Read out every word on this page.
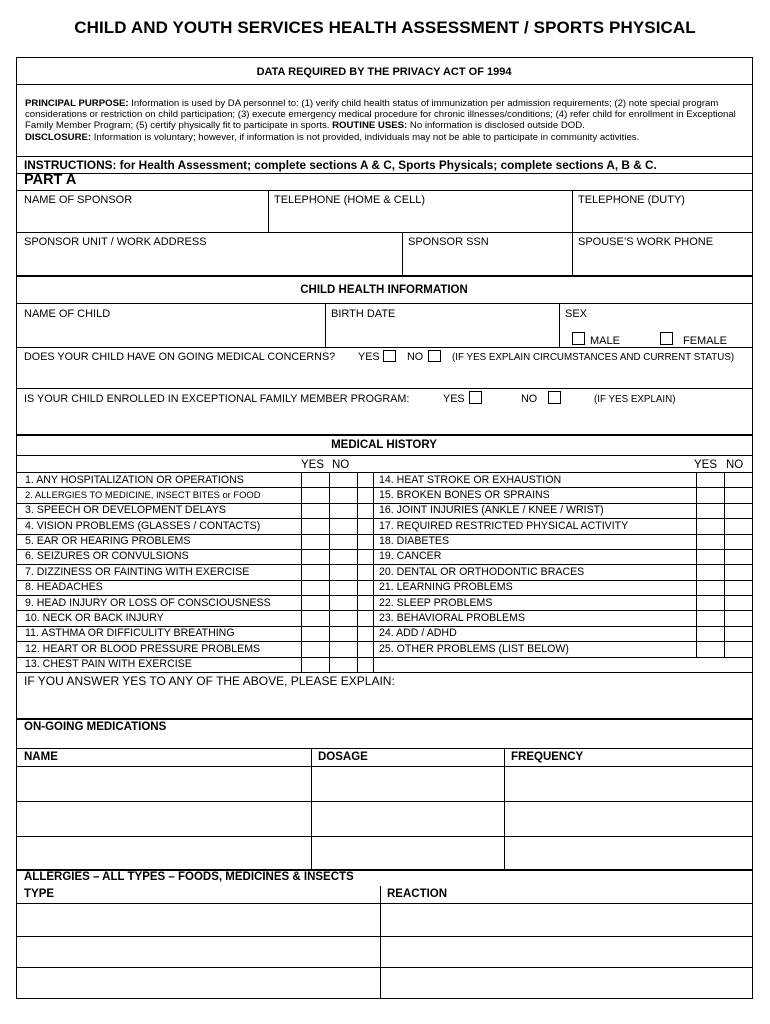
CHILD AND YOUTH SERVICES HEALTH ASSESSMENT / SPORTS PHYSICAL
DATA REQUIRED BY THE PRIVACY ACT OF 1994
PRINCIPAL PURPOSE: Information is used by DA personnel to: (1) verify child health status of immunization per admission requirements; (2) note special program considerations or restriction on child participation; (3) execute emergency medical procedure for chronic illnesses/conditions; (4) refer child for enrollment in Exceptional Family Member Program; (5) certify physically fit to participate in sports. ROUTINE USES: No information is disclosed outside DOD.
DISCLOSURE: Information is voluntary; however, if information is not provided, individuals may not be able to participate in community activities.
INSTRUCTIONS: for Health Assessment; complete sections A & C, Sports Physicals; complete sections A, B & C.
PART A
NAME OF SPONSOR	TELEPHONE (HOME & CELL)	TELEPHONE (DUTY)
SPONSOR UNIT / WORK ADDRESS	SPONSOR SSN	SPOUSE’S WORK PHONE
CHILD HEALTH INFORMATION
NAME OF CHILD	BIRTH DATE	SEX
MALE	FEMALE
DOES YOUR CHILD HAVE ON GOING MEDICAL CONCERNS? YES	NO	(IF YES EXPLAIN CIRCUMSTANCES AND CURRENT STATUS)
IS YOUR CHILD ENROLLED IN EXCEPTIONAL FAMILY MEMBER PROGRAM:	YES	NO	(IF YES EXPLAIN)
MEDICAL HISTORY
YES NO	YES NO
1. ANY HOSPITALIZATION OR OPERATIONS	14. HEAT STROKE OR EXHAUSTION
2. ALLERGIES TO MEDICINE, INSECT BITES or FOOD	15. BROKEN BONES OR SPRAINS
3. SPEECH OR DEVELOPMENT DELAYS	16. JOINT INJURIES (ANKLE / KNEE / WRIST)
4. VISION PROBLEMS (GLASSES / CONTACTS)	17. REQUIRED RESTRICTED PHYSICAL ACTIVITY
5. EAR OR HEARING PROBLEMS	18. DIABETES
6. SEIZURES OR CONVULSIONS	19. CANCER
7. DIZZINESS OR FAINTING WITH EXERCISE	20. DENTAL OR ORTHODONTIC BRACES
8. HEADACHES	21. LEARNING PROBLEMS
9. HEAD INJURY OR LOSS OF CONSCIOUSNESS	22. SLEEP PROBLEMS
10. NECK OR BACK INJURY	23. BEHAVIORAL PROBLEMS
11. ASTHMA OR DIFFICULITY BREATHING	24. ADD / ADHD
12. HEART OR BLOOD PRESSURE PROBLEMS	25. OTHER PROBLEMS (LIST BELOW)
13. CHEST PAIN WITH EXERCISE
IF YOU ANSWER YES TO ANY OF THE ABOVE, PLEASE EXPLAIN:
ON-GOING MEDICATIONS
NAME	DOSAGE	FREQUENCY
ALLERGIES – ALL TYPES – FOODS, MEDICINES & INSECTS
TYPE	REACTION
